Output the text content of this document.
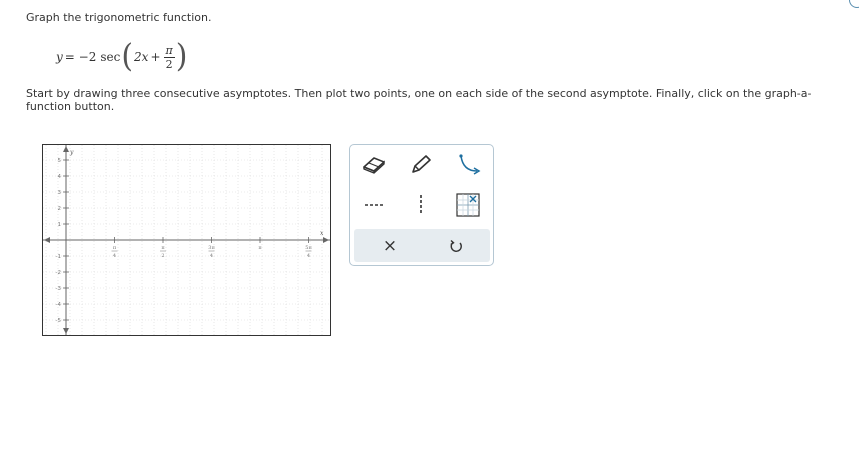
Graph the trigonometric function.
y = −2 sec ( $2x + \frac{\pi}{2}$ )
Start by drawing three consecutive asymptotes. Then plot two points, one on each side of the second asymptote. Finally, click on the graph-a-function button.
x
y
5
4
3
2
1
-1
-2
-3
-4
-5
π
4
π
2
3π
4
π	5π
4
×
